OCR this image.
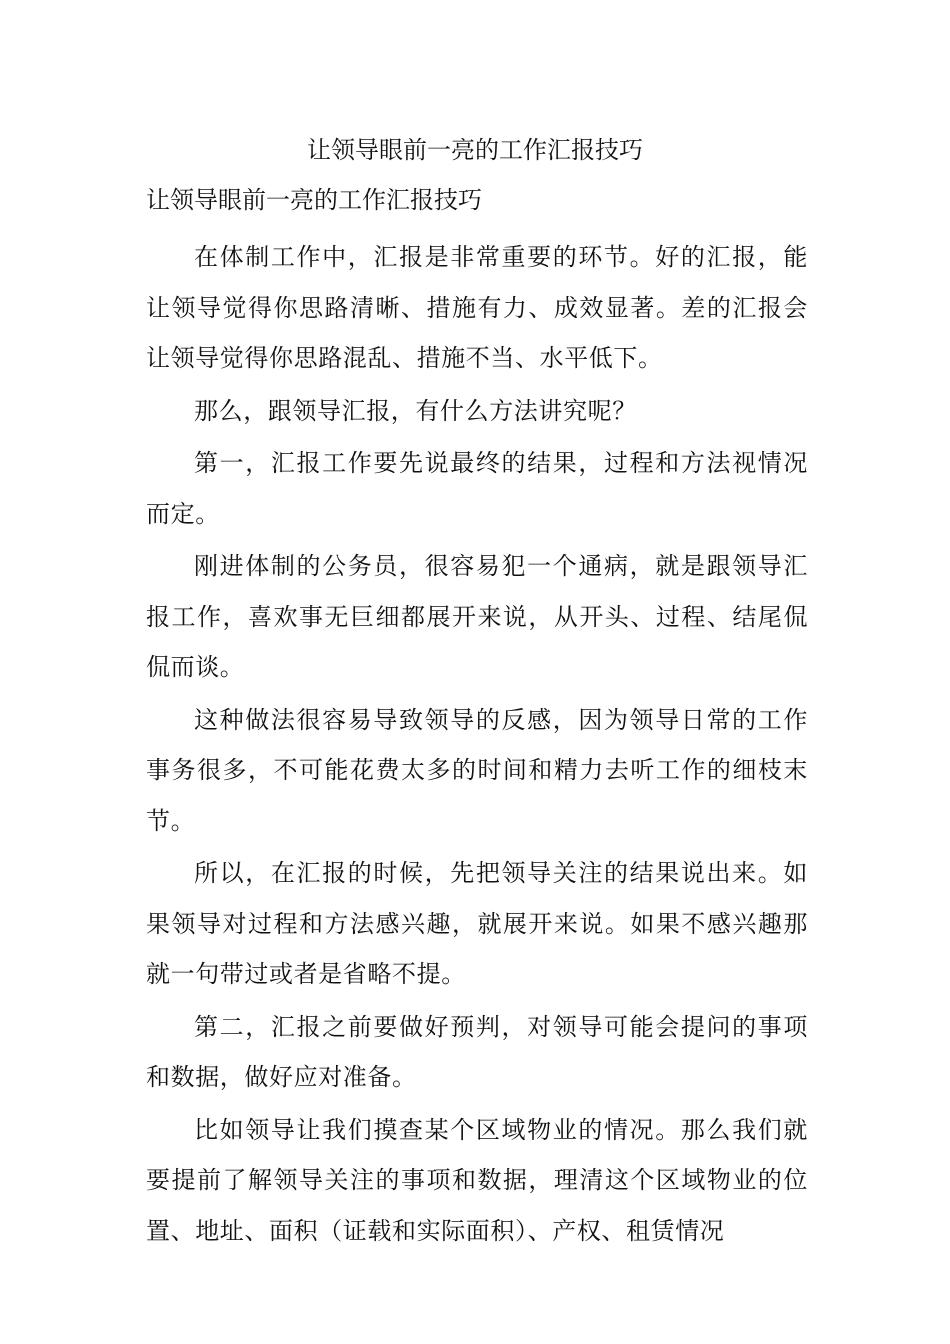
让领导眼前一亮的工作汇报技巧
让领导眼前一亮的工作汇报技巧

在体制工作中，汇报是非常重要的环节。好的汇报，能让领导觉得你思路清晰、措施有力、成效显著。差的汇报会让领导觉得你思路混乱、措施不当、水平低下。

那么，跟领导汇报，有什么方法讲究呢？

第一，汇报工作要先说最终的结果，过程和方法视情况而定。

刚进体制的公务员，很容易犯一个通病，就是跟领导汇报工作，喜欢事无巨细都展开来说，从开头、过程、结尾侃侃而谈。

这种做法很容易导致领导的反感，因为领导日常的工作事务很多，不可能花费太多的时间和精力去听工作的细枝末节。

所以，在汇报的时候，先把领导关注的结果说出来。如果领导对过程和方法感兴趣，就展开来说。如果不感兴趣那就一句带过或者是省略不提。

第二，汇报之前要做好预判，对领导可能会提问的事项和数据，做好应对准备。

比如领导让我们摸查某个区域物业的情况。那么我们就要提前了解领导关注的事项和数据，理清这个区域物业的位置、地址、面积（证载和实际面积）、产权、租赁情况
